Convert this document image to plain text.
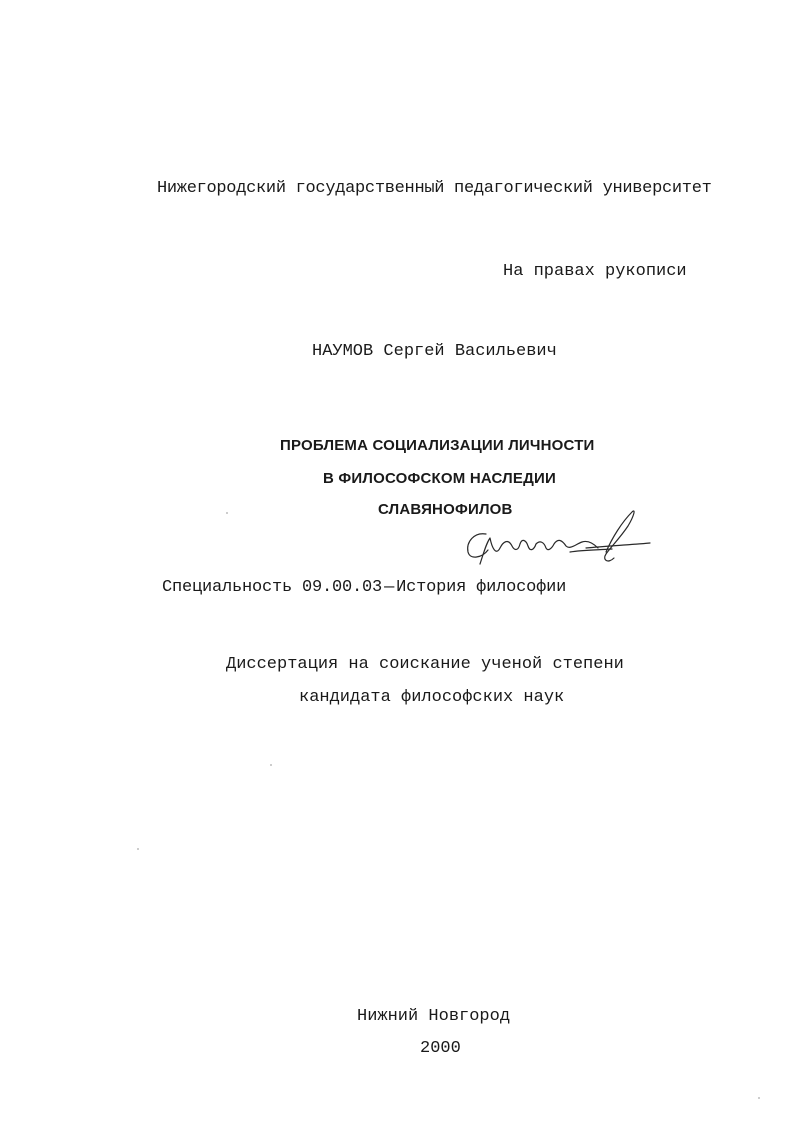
Нижегородский государственный педагогический университет
На правах рукописи
НАУМОВ Сергей Васильевич
ПРОБЛЕМА СОЦИАЛИЗАЦИИ ЛИЧНОСТИ
В ФИЛОСОФСКОМ НАСЛЕДИИ
СЛАВЯНОФИЛОВ
Специальность 09.00.03 — История философии
Диссертация на соискание ученой степени
кандидата философских наук
Нижний Новгород
2000
